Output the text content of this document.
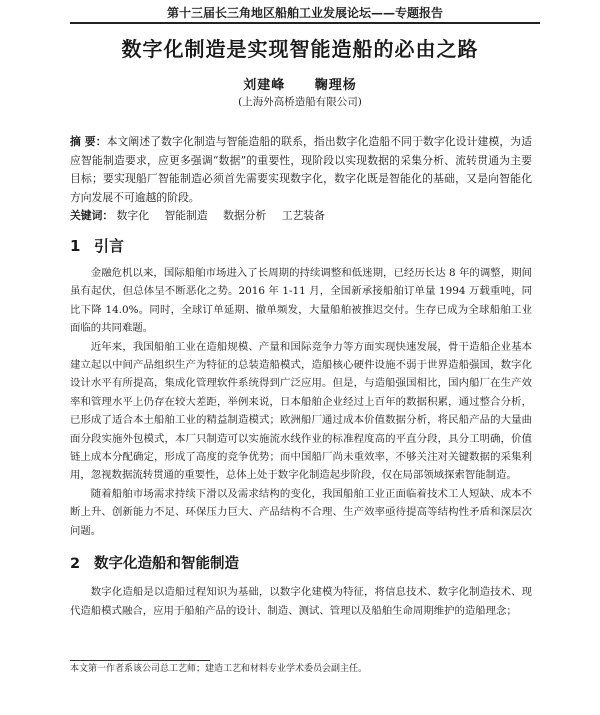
第十三届长三角地区船舶工业发展论坛——专题报告
数字化制造是实现智能造船的必由之路
刘建峰 鞠理杨
(上海外高桥造船有限公司)
摘 要：本文阐述了数字化制造与智能造船的联系，指出数字化造船不同于数字化设计建模，为适应智能制造要求，应更多强调“数据”的重要性，现阶段以实现数据的采集分析、流转贯通为主要目标；要实现船厂智能制造必须首先需要实现数字化，数字化既是智能化的基础，又是向智能化方向发展不可逾越的阶段。
关键词： 数字化 智能制造 数据分析 工艺装备
1 引言
本文第一作者系该公司总工艺师；建造工艺和材料专业学术委员会副主任。

金融危机以来，国际船舶市场进入了长周期的持续调整和低迷期，已经历长达 8 年的调整，期间虽有起伏，但总体呈不断恶化之势。2016 年 1-11 月，全国新承接船舶订单量 1994 万载重吨，同比下降 14.0%。同时，全球订单延期、撤单频发，大量船舶被推迟交付。生存已成为全球船舶工业面临的共同难题。

近年来，我国船舶工业在造船规模、产量和国际竞争力等方面实现快速发展，骨干造船企业基本建立起以中间产品组织生产为特征的总装造船模式，造船核心硬件设施不弱于世界造船强国，数字化设计水平有所提高，集成化管理软件系统得到广泛应用。但是，与造船强国相比，国内船厂在生产效率和管理水平上仍存在较大差距，举例来说，日本船舶企业经过上百年的数据积累，通过整合分析，已形成了适合本土船舶工业的精益制造模式；欧洲船厂通过成本价值数据分析，将民船产品的大量曲面分段实施外包模式，本厂只制造可以实施流水线作业的标准程度高的平直分段，具分工明确，价值链上成本分配确定，形成了高度的竞争优势；而中国船厂尚未重效率，不够关注对关键数据的采集利用，忽视数据流转贯通的重要性，总体上处于数字化制造起步阶段，仅在局部领域探索智能制造。

随着船舶市场需求持续下滑以及需求结构的变化，我国船舶工业正面临着技术工人短缺、成本不断上升、创新能力不足、环保压力巨大、产品结构不合理、生产效率亟待提高等结构性矛盾和深层次问题。

2 数字化造船和智能制造

数字化造船是以造船过程知识为基础，以数字化建模为特征，将信息技术、数字化制造技术、现代造船模式融合，应用于船舶产品的设计、制造、测试、管理以及船舶生命周期维护的造船理念；
